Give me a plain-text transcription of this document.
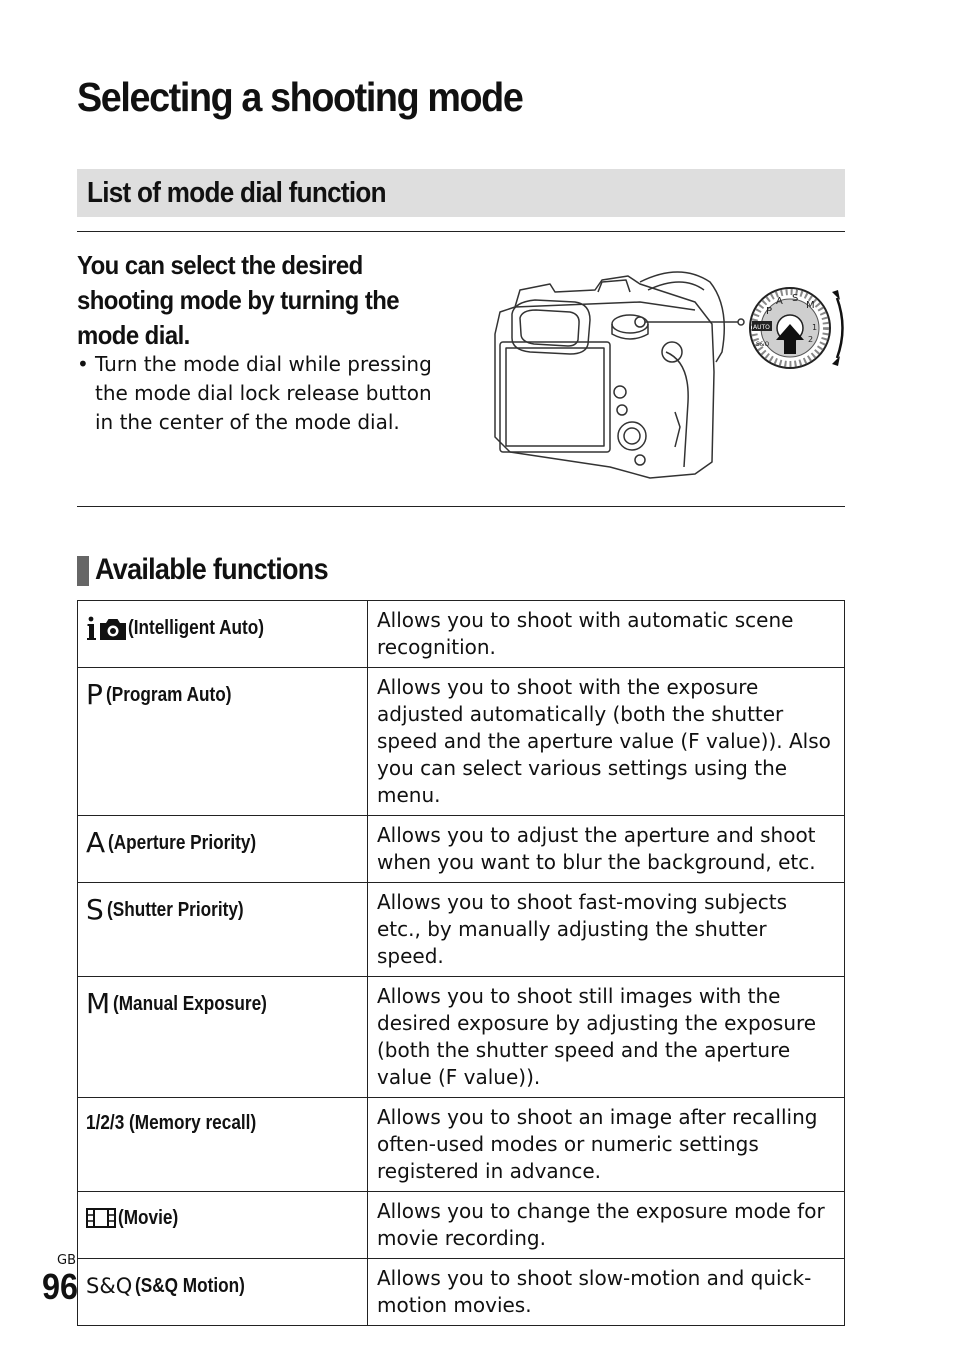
Selecting a shooting mode
List of mode dial function

You can select the desired shooting mode by turning the mode dial.

• Turn the mode dial while pressing the mode dial lock release button in the center of the mode dial.
P
A S
M
AUTO
S&Q
1
2
Available functions
(Intelligent Auto)	Allows you to shoot with automatic scene recognition.

P (Program Auto)	Allows you to shoot with the exposure adjusted automatically (both the shutter speed and the aperture value (F value)). Also you can select various settings using the menu.

A (Aperture Priority)	Allows you to adjust the aperture and shoot when you want to blur the background, etc.

S (Shutter Priority)	Allows you to shoot fast-moving subjects etc., by manually adjusting the shutter speed.

M (Manual Exposure)	Allows you to shoot still images with the desired exposure by adjusting the exposure (both the shutter speed and the aperture value (F value)).

1/2/3 (Memory recall)	Allows you to shoot an image after recalling often-used modes or numeric settings registered in advance.

(Movie)	Allows you to change the exposure mode for movie recording.

S&Q (S&Q Motion)	Allows you to shoot slow-motion and quick-motion movies.
GB
96
